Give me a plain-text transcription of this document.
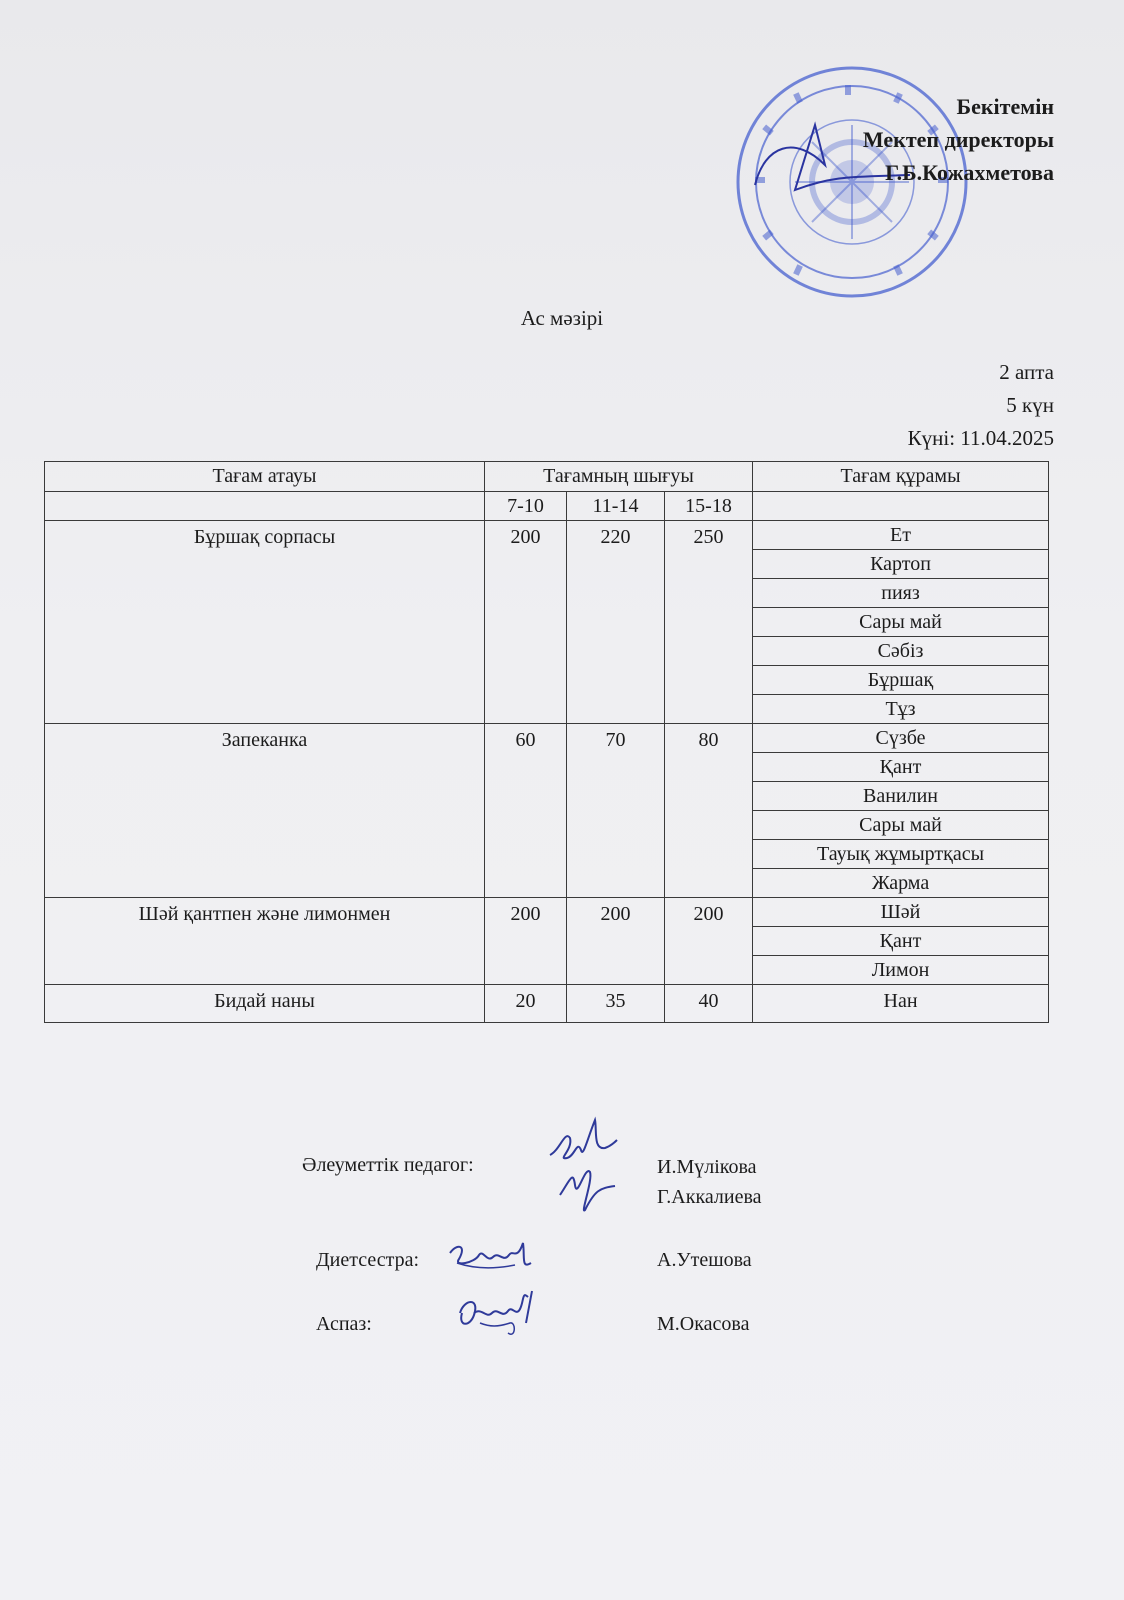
Бекітемін
Мектеп директоры
Г.Б.Кожахметова
Ас мәзірі
2 апта
5 күн
Күні: 11.04.2025
Тағам атауы	Тағамның шығуы			Тағам құрамы
	7-10	11-14	15-18	
Бұршақ сорпасы	200	220	250	Ет
				Картоп
				пияз
				Сары май
				Сәбіз
				Бұршақ
				Тұз
Запеканка	60	70	80	Сүзбе
				Қант
				Ванилин
				Сары май
				Тауық жұмыртқасы
				Жарма
Шәй қантпен және лимонмен	200	200	200	Шәй
				Қант
				Лимон
Бидай наны	20	35	40	Нан
Әлеуметтік педагог:	И.Мүлікова
Г.Аккалиева
Диетсестра:	А.Утешова
Аспаз:	М.Окасова
